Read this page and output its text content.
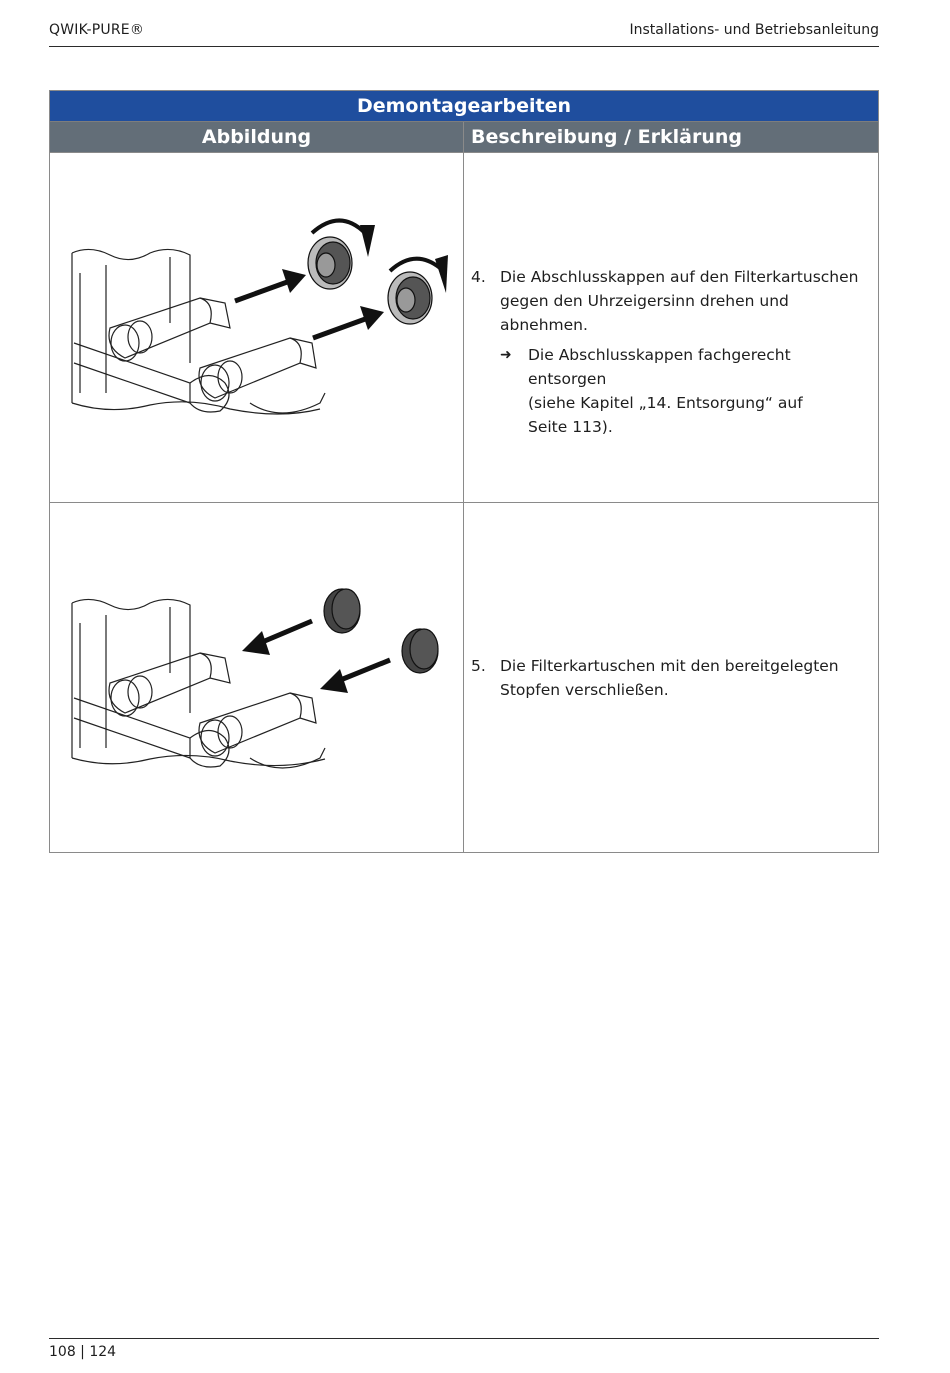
QWIK-PURE®	Installations- und Betriebsanleitung
Demontagearbeiten
Abbildung	Beschreibung / Erklärung
4. Die Abschlusskappen auf den Filterkartuschen gegen den Uhrzeigersinn drehen und abnehmen.
➜ Die Abschlusskappen fachgerecht entsorgen
(siehe Kapitel „14. Entsorgung“ auf
Seite 113).
5. Die Filterkartuschen mit den bereitgelegten Stopfen verschließen.
108 | 124
